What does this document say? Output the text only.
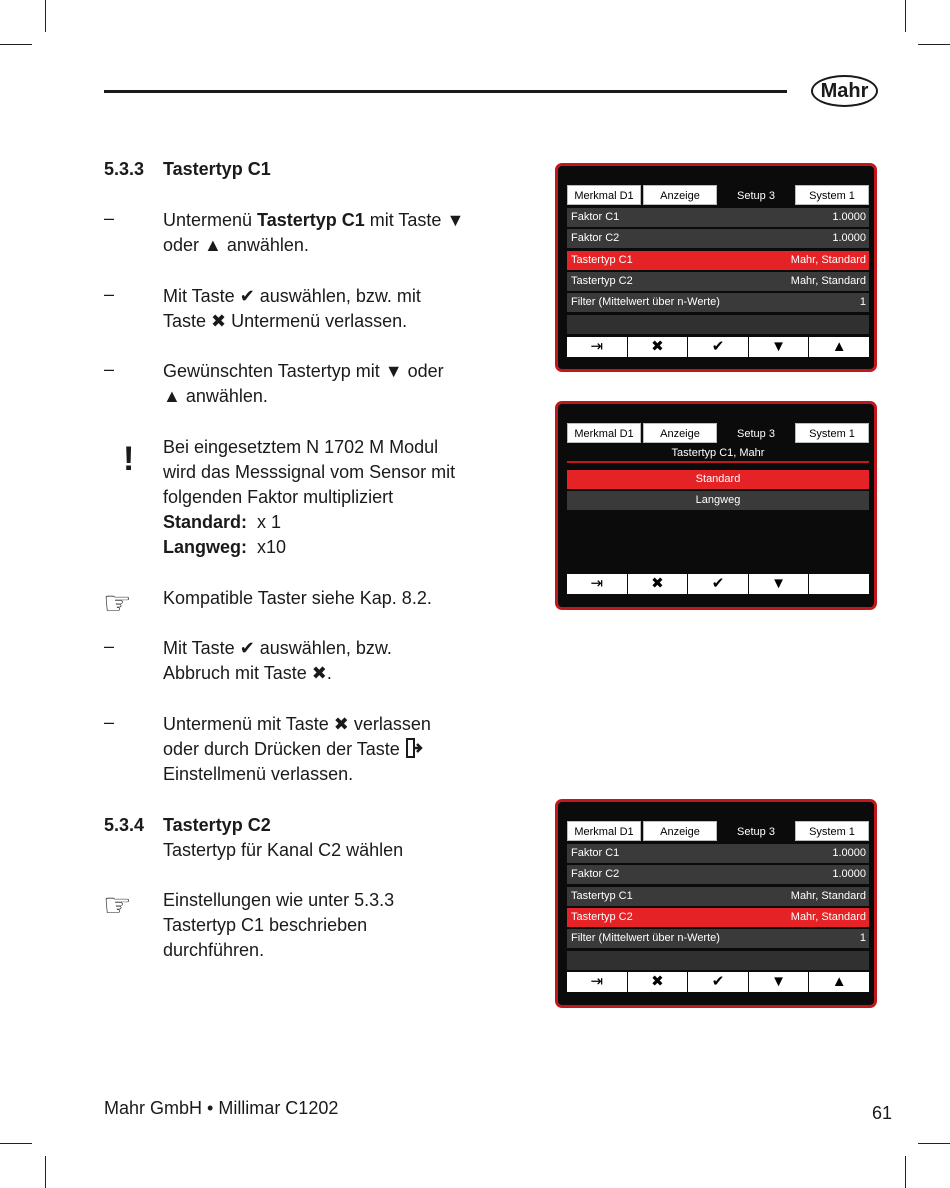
Mahr
5.3.3 Tastertyp C1
–	Untermenü Tastertyp C1 mit Taste ▼
oder ▲ anwählen.
–	Mit Taste ✔ auswählen, bzw. mit
Taste ✖ Untermenü verlassen.
–	Gewünschten Tastertyp mit ▼ oder
▲ anwählen.
! Bei eingesetztem N 1702 M Modul
wird das Messsignal vom Sensor mit
folgenden Faktor multipliziert
Standard: x 1
Langweg: x10
☞ Kompatible Taster siehe Kap. 8.2.
–	Mit Taste ✔ auswählen, bzw.
Abbruch mit Taste ✖.
–	Untermenü mit Taste ✖ verlassen
oder durch Drücken der Taste
Einstellmenü verlassen.
5.3.4 Tastertyp C2
Tastertyp für Kanal C2 wählen
☞ Einstellungen wie unter 5.3.3
Tastertyp C1 beschrieben
durchführen.
Merkmal D1	Anzeige	Setup 3	System 1
Faktor C1	1.0000
Faktor C2	1.0000
Tastertyp C1	Mahr, Standard
Tastertyp C2	Mahr, Standard
Filter (Mittelwert über n-Werte)	1
⇥	✖	✔	▼	▲
Merkmal D1	Anzeige	Setup 3	System 1
Tastertyp C1, Mahr
Standard
Langweg
⇥	✖	✔	▼
Merkmal D1	Anzeige	Setup 3	System 1
Faktor C1	1.0000
Faktor C2	1.0000
Tastertyp C1	Mahr, Standard
Tastertyp C2	Mahr, Standard
Filter (Mittelwert über n-Werte)	1
⇥	✖	✔	▼	▲
Mahr GmbH • Millimar C1202	61
